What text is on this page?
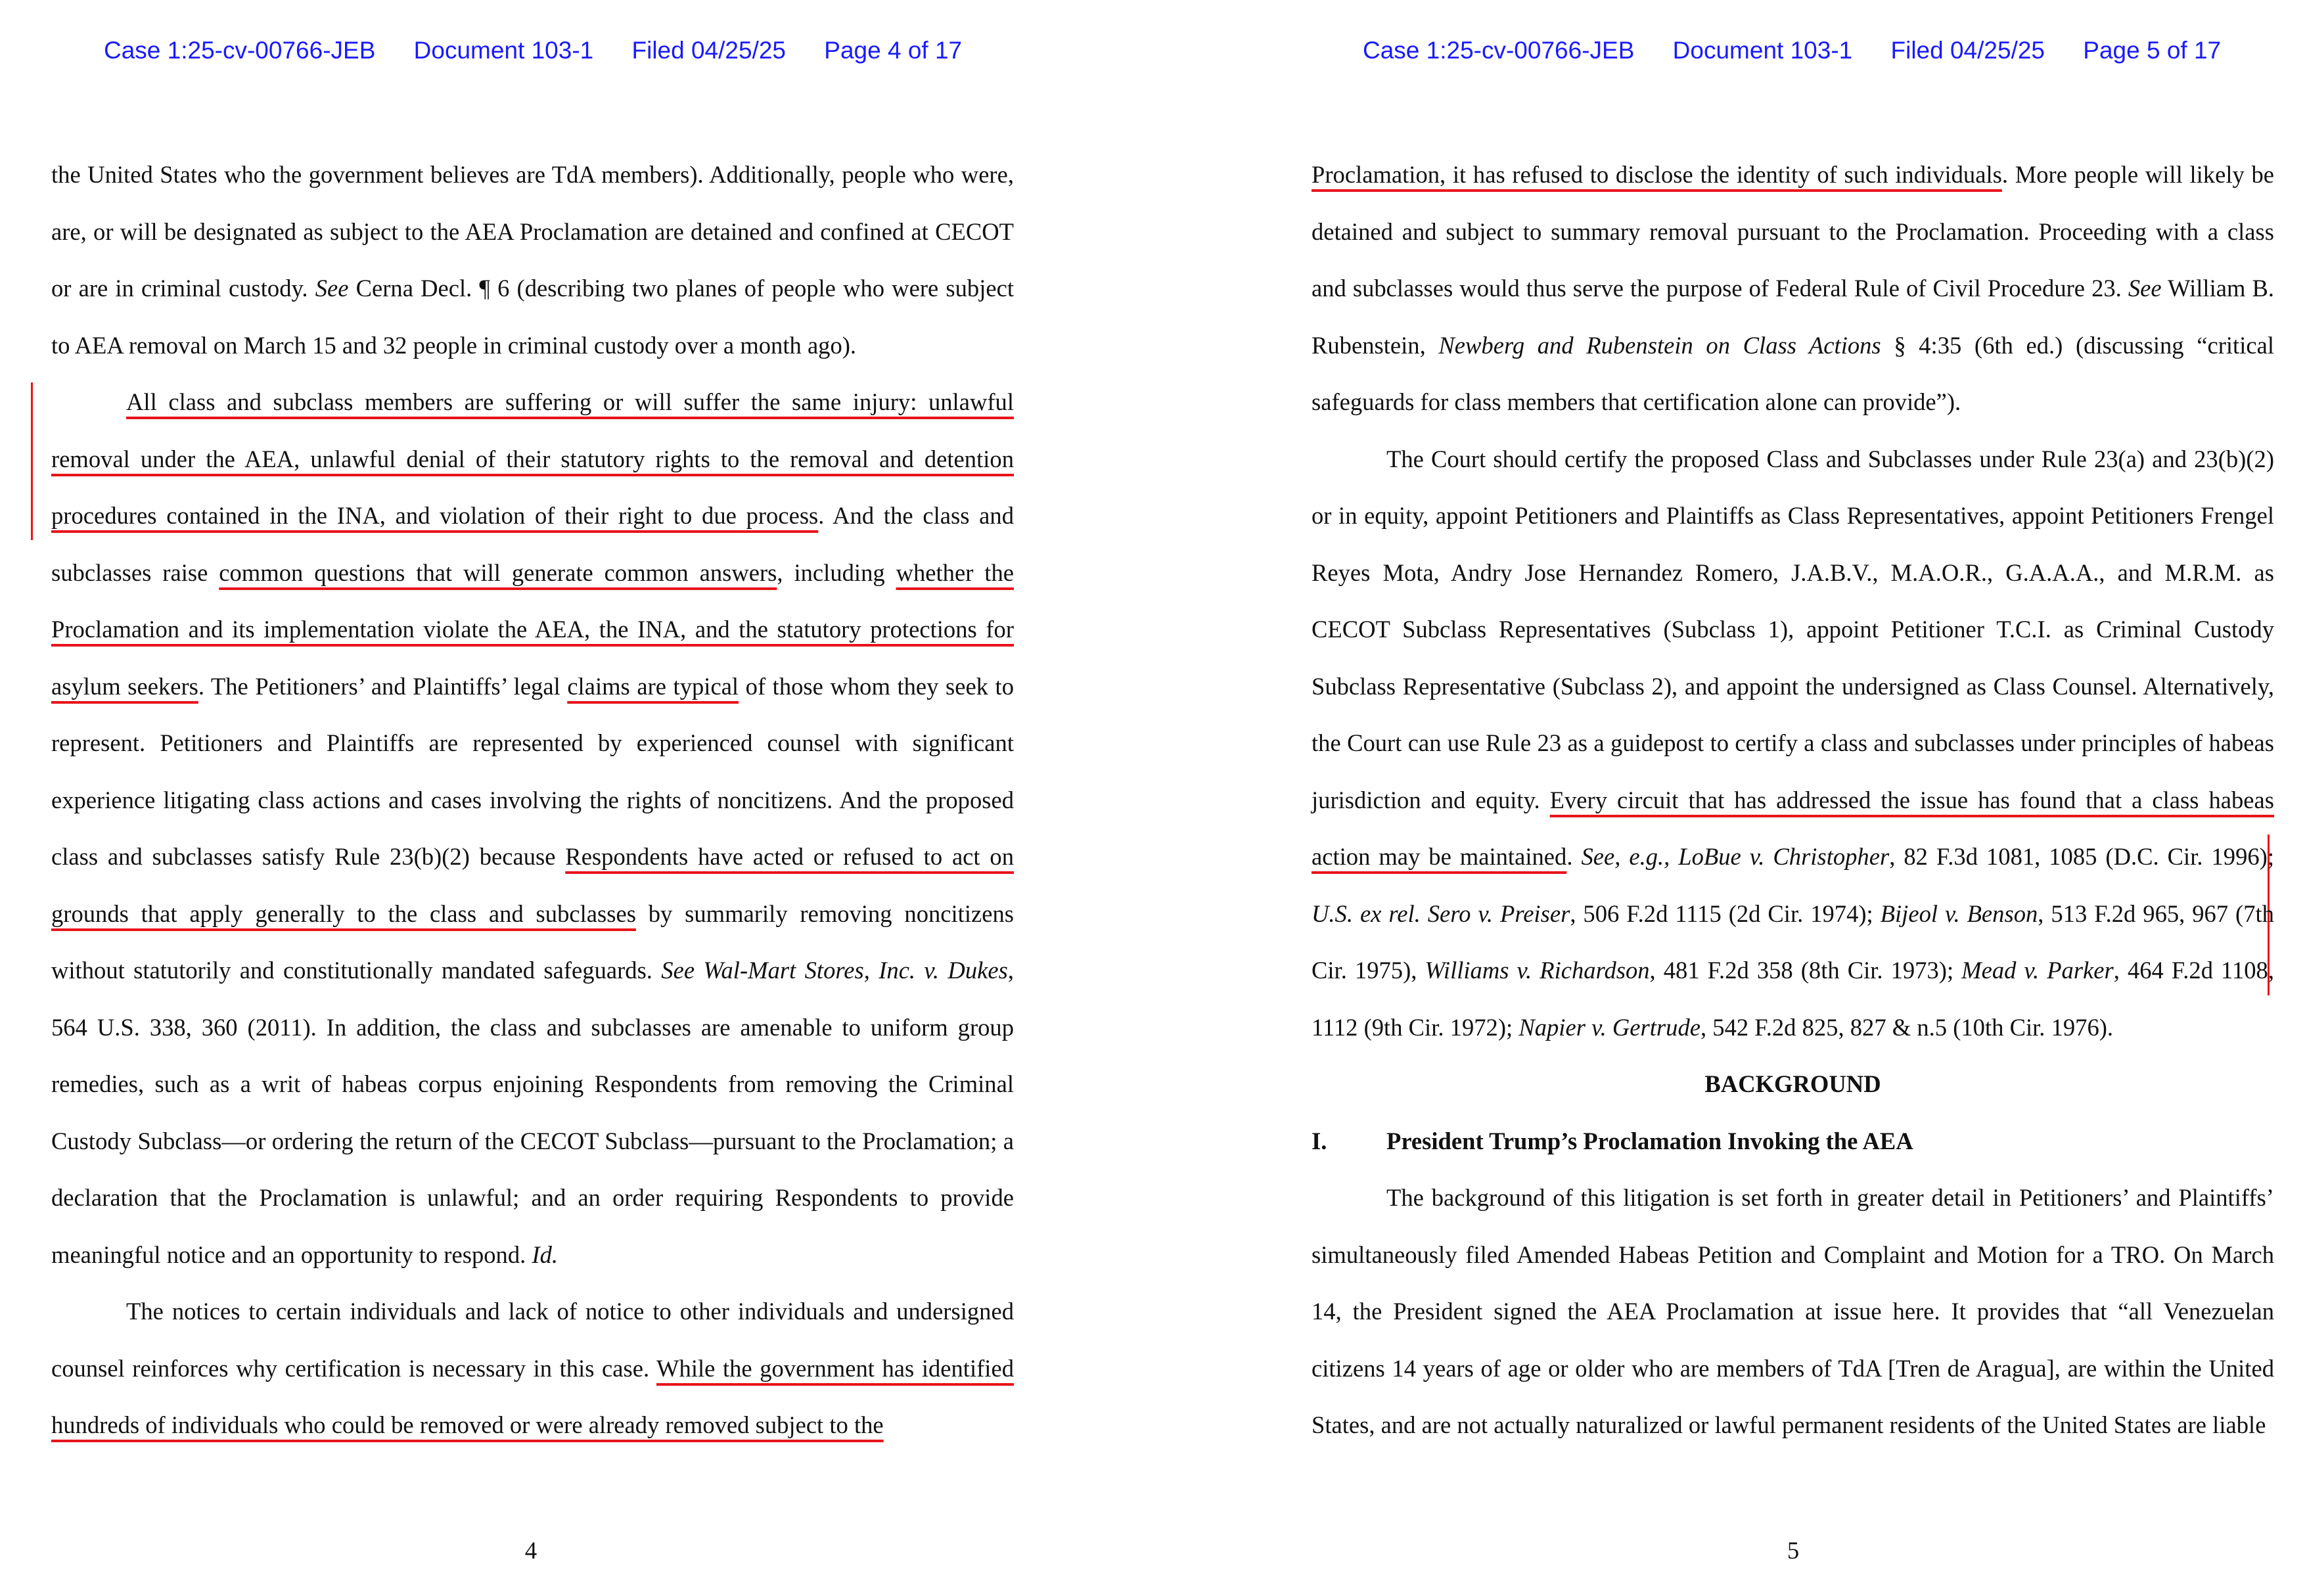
Case 1:25-cv-00766-JEB Document 103-1 Filed 04/25/25 Page 4 of 17

the United States who the government believes are TdA members). Additionally, people who were, are, or will be designated as subject to the AEA Proclamation are detained and confined at CECOT or are in criminal custody. See Cerna Decl. ¶ 6 (describing two planes of people who were subject to AEA removal on March 15 and 32 people in criminal custody over a month ago).

All class and subclass members are suffering or will suffer the same injury: unlawful removal under the AEA, unlawful denial of their statutory rights to the removal and detention procedures contained in the INA, and violation of their right to due process. And the class and subclasses raise common questions that will generate common answers, including whether the Proclamation and its implementation violate the AEA, the INA, and the statutory protections for asylum seekers. The Petitioners’ and Plaintiffs’ legal claims are typical of those whom they seek to represent. Petitioners and Plaintiffs are represented by experienced counsel with significant experience litigating class actions and cases involving the rights of noncitizens. And the proposed class and subclasses satisfy Rule 23(b)(2) because Respondents have acted or refused to act on grounds that apply generally to the class and subclasses by summarily removing noncitizens without statutorily and constitutionally mandated safeguards. See Wal-Mart Stores, Inc. v. Dukes, 564 U.S. 338, 360 (2011). In addition, the class and subclasses are amenable to uniform group remedies, such as a writ of habeas corpus enjoining Respondents from removing the Criminal Custody Subclass—or ordering the return of the CECOT Subclass—pursuant to the Proclamation; a declaration that the Proclamation is unlawful; and an order requiring Respondents to provide meaningful notice and an opportunity to respond. Id.

The notices to certain individuals and lack of notice to other individuals and undersigned counsel reinforces why certification is necessary in this case. While the government has identified hundreds of individuals who could be removed or were already removed subject to the

4
Case 1:25-cv-00766-JEB Document 103-1 Filed 04/25/25 Page 5 of 17

Proclamation, it has refused to disclose the identity of such individuals. More people will likely be detained and subject to summary removal pursuant to the Proclamation. Proceeding with a class and subclasses would thus serve the purpose of Federal Rule of Civil Procedure 23. See William B. Rubenstein, Newberg and Rubenstein on Class Actions § 4:35 (6th ed.) (discussing “critical safeguards for class members that certification alone can provide”).

The Court should certify the proposed Class and Subclasses under Rule 23(a) and 23(b)(2) or in equity, appoint Petitioners and Plaintiffs as Class Representatives, appoint Petitioners Frengel Reyes Mota, Andry Jose Hernandez Romero, J.A.B.V., M.A.O.R., G.A.A.A., and M.R.M. as CECOT Subclass Representatives (Subclass 1), appoint Petitioner T.C.I. as Criminal Custody Subclass Representative (Subclass 2), and appoint the undersigned as Class Counsel. Alternatively, the Court can use Rule 23 as a guidepost to certify a class and subclasses under principles of habeas jurisdiction and equity. Every circuit that has addressed the issue has found that a class habeas action may be maintained. See, e.g., LoBue v. Christopher, 82 F.3d 1081, 1085 (D.C. Cir. 1996); U.S. ex rel. Sero v. Preiser, 506 F.2d 1115 (2d Cir. 1974); Bijeol v. Benson, 513 F.2d 965, 967 (7th Cir. 1975), Williams v. Richardson, 481 F.2d 358 (8th Cir. 1973); Mead v. Parker, 464 F.2d 1108, 1112 (9th Cir. 1972); Napier v. Gertrude, 542 F.2d 825, 827 & n.5 (10th Cir. 1976).

BACKGROUND

I. President Trump’s Proclamation Invoking the AEA

The background of this litigation is set forth in greater detail in Petitioners’ and Plaintiffs’ simultaneously filed Amended Habeas Petition and Complaint and Motion for a TRO. On March 14, the President signed the AEA Proclamation at issue here. It provides that “all Venezuelan citizens 14 years of age or older who are members of TdA [Tren de Aragua], are within the United States, and are not actually naturalized or lawful permanent residents of the United States are liable

5
